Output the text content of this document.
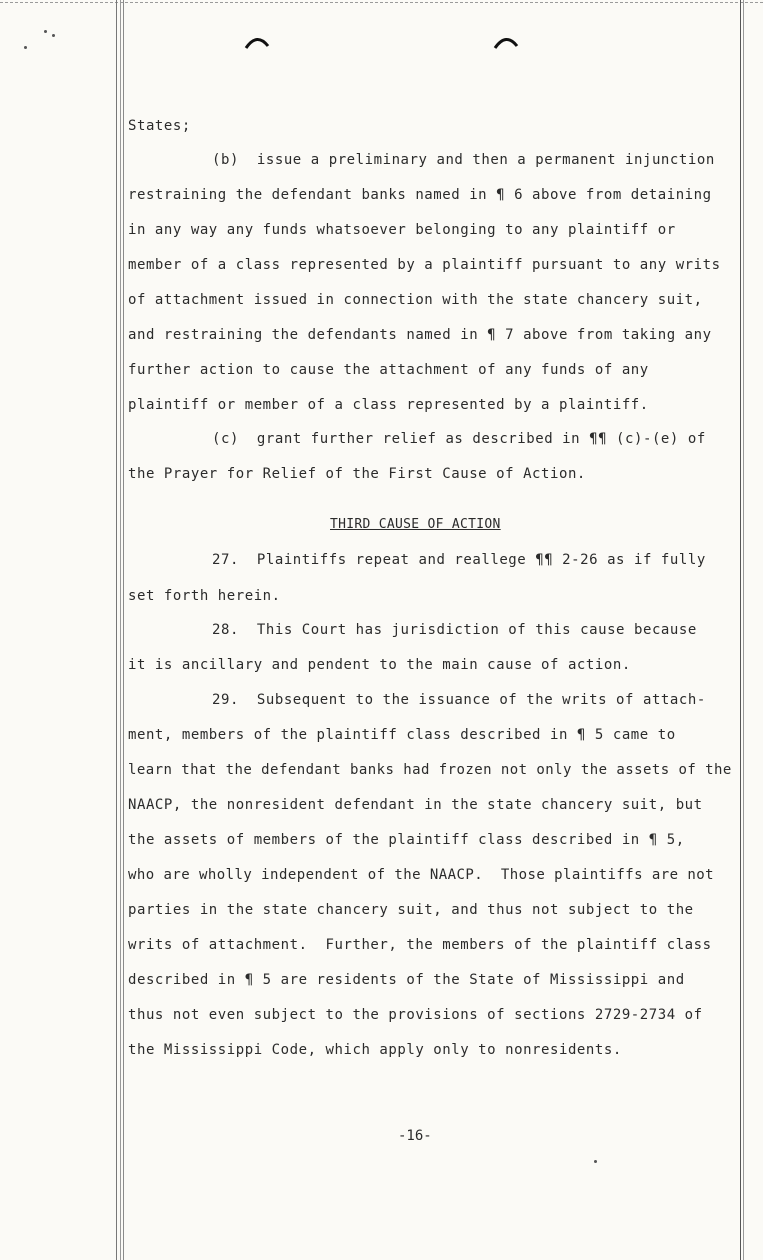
States;
(b)  issue a preliminary and then a permanent injunction
restraining the defendant banks named in ¶ 6 above from detaining
in any way any funds whatsoever belonging to any plaintiff or
member of a class represented by a plaintiff pursuant to any writs
of attachment issued in connection with the state chancery suit,
and restraining the defendants named in ¶ 7 above from taking any
further action to cause the attachment of any funds of any
plaintiff or member of a class represented by a plaintiff.
(c)  grant further relief as described in ¶¶ (c)-(e) of
the Prayer for Relief of the First Cause of Action.
THIRD CAUSE OF ACTION
27.  Plaintiffs repeat and reallege ¶¶ 2-26 as if fully
set forth herein.
28.  This Court has jurisdiction of this cause because
it is ancillary and pendent to the main cause of action.
29.  Subsequent to the issuance of the writs of attach-
ment, members of the plaintiff class described in ¶ 5 came to
learn that the defendant banks had frozen not only the assets of the
NAACP, the nonresident defendant in the state chancery suit, but
the assets of members of the plaintiff class described in ¶ 5,
who are wholly independent of the NAACP.  Those plaintiffs are not
parties in the state chancery suit, and thus not subject to the
writs of attachment.  Further, the members of the plaintiff class
described in ¶ 5 are residents of the State of Mississippi and
thus not even subject to the provisions of sections 2729-2734 of
the Mississippi Code, which apply only to nonresidents.
-16-
